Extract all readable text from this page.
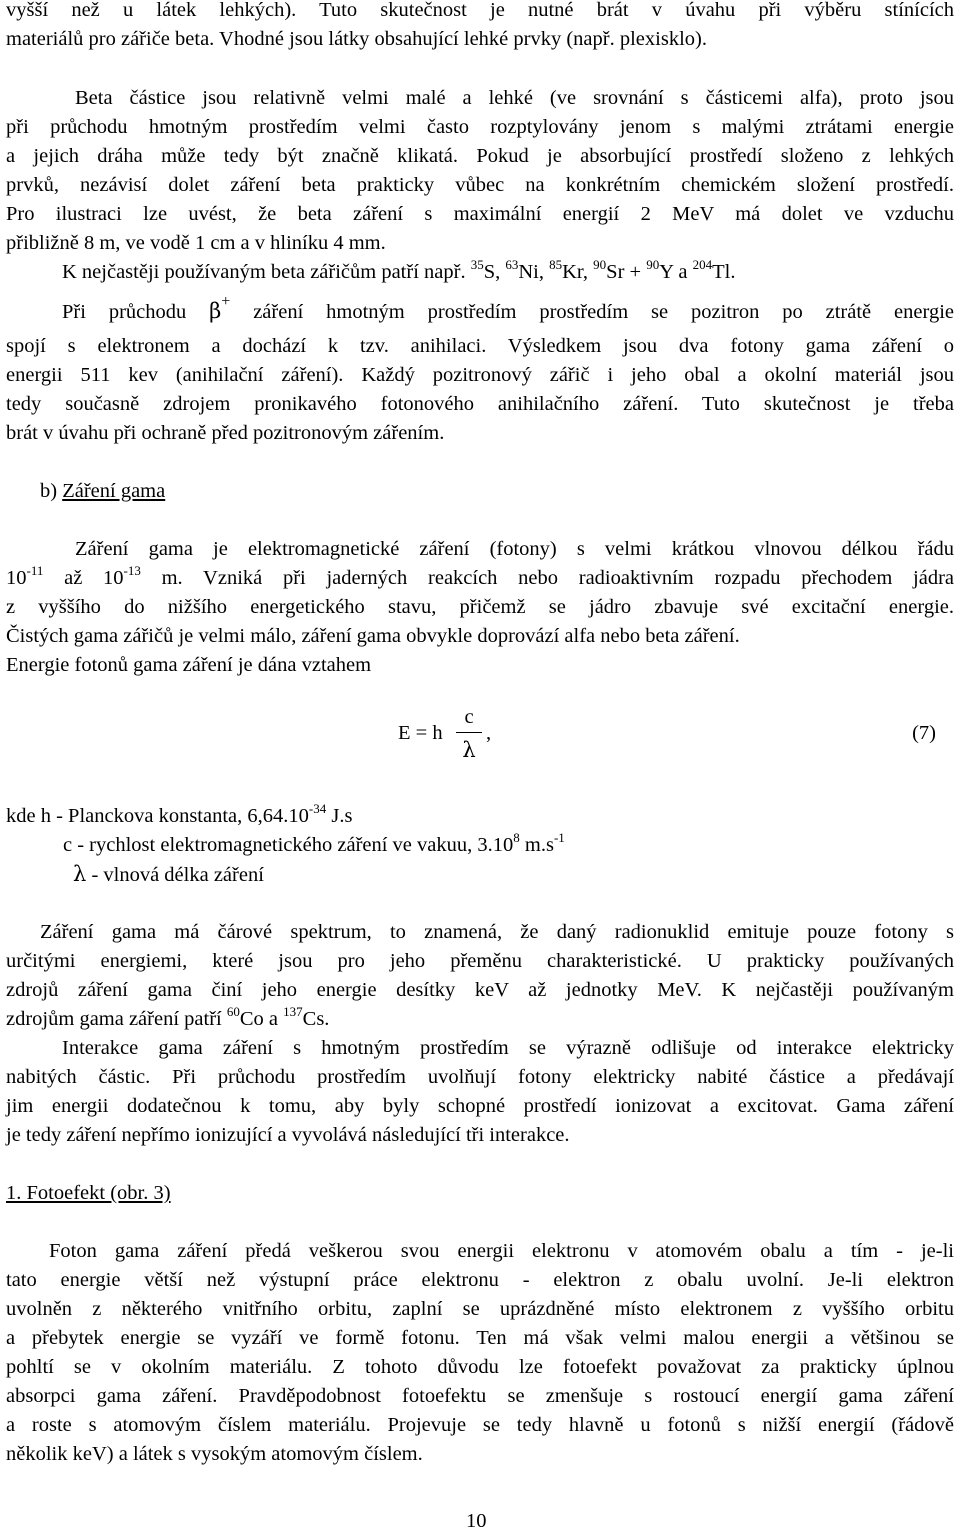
vyšší než u látek lehkých). Tuto skutečnost je nutné brát v úvahu při výběru stínících
materiálů pro zářiče beta. Vhodné jsou látky obsahující lehké prvky (např. plexisklo).
Beta částice jsou relativně velmi malé a lehké (ve srovnání s částicemi alfa), proto jsou
při průchodu hmotným prostředím velmi často rozptylovány jenom s malými ztrátami energie
a jejich dráha může tedy být značně klikatá. Pokud je absorbující prostředí složeno z lehkých
prvků, nezávisí dolet záření beta prakticky vůbec na konkrétním chemickém složení prostředí.
Pro ilustraci lze uvést, že beta záření s maximální energií 2 MeV má dolet ve vzduchu
přibližně 8 m, ve vodě 1 cm a v hliníku 4 mm.
K nejčastěji používaným beta zářičům patří např. $^{35}$S, $^{63}$Ni, $^{85}$Kr, $^{90}$Sr + $^{90}$Y a $^{204}$Tl.
Při průchodu β+ záření hmotným prostředím prostředím se pozitron po ztrátě energie
spojí s elektronem a dochází k tzv. anihilaci. Výsledkem jsou dva fotony gama záření o
energii 511 kev (anihilační záření). Každý pozitronový zářič i jeho obal a okolní materiál jsou
tedy současně zdrojem pronikavého fotonového anihilačního záření. Tuto skutečnost je třeba
brát v úvahu při ochraně před pozitronovým zářením.
b) Záření gama
Záření gama je elektromagnetické záření (fotony) s velmi krátkou vlnovou délkou řádu
$10^{-11}$ až $10^{-13}$ m. Vzniká při jaderných reakcích nebo radioaktivním rozpadu přechodem jádra
z vyššího do nižšího energetického stavu, přičemž se jádro zbavuje své excitační energie.
Čistých gama zářičů je velmi málo, záření gama obvykle doprovází alfa nebo beta záření.
Energie fotonů gama záření je dána vztahem
E = h
c
λ
,	(7)
kde h - Planckova konstanta, $6,64.10^{-34}$ J.s
c - rychlost elektromagnetického záření ve vakuu, 3.10$^8$ $m.s^{-1}$
λ - vlnová délka záření
Záření gama má čárové spektrum, to znamená, že daný radionuklid emituje pouze fotony s
určitými energiemi, které jsou pro jeho přeměnu charakteristické. U prakticky používaných
zdrojů záření gama činí jeho energie desítky keV až jednotky MeV. K nejčastěji používaným
zdrojům gama záření patří $^{60}$Co a $^{137}$Cs.
Interakce gama záření s hmotným prostředím se výrazně odlišuje od interakce elektricky
nabitých částic. Při průchodu prostředím uvolňují fotony elektricky nabité částice a předávají
jim energii dodatečnou k tomu, aby byly schopné prostředí ionizovat a excitovat. Gama záření
je tedy záření nepřímo ionizující a vyvolává následující tři interakce.
1. Fotoefekt (obr. 3)
Foton gama záření předá veškerou svou energii elektronu v atomovém obalu a tím - je-li
tato energie větší než výstupní práce elektronu - elektron z obalu uvolní. Je-li elektron
uvolněn z některého vnitřního orbitu, zaplní se uprázdněné místo elektronem z vyššího orbitu
a přebytek energie se vyzáří ve formě fotonu. Ten má však velmi malou energii a většinou se
pohltí se v okolním materiálu. Z tohoto důvodu lze fotoefekt považovat za prakticky úplnou
absorpci gama záření. Pravděpodobnost fotoefektu se zmenšuje s rostoucí energií gama záření
a roste s atomovým číslem materiálu. Projevuje se tedy hlavně u fotonů s nižší energií (řádově
několik keV) a látek s vysokým atomovým číslem.
10
